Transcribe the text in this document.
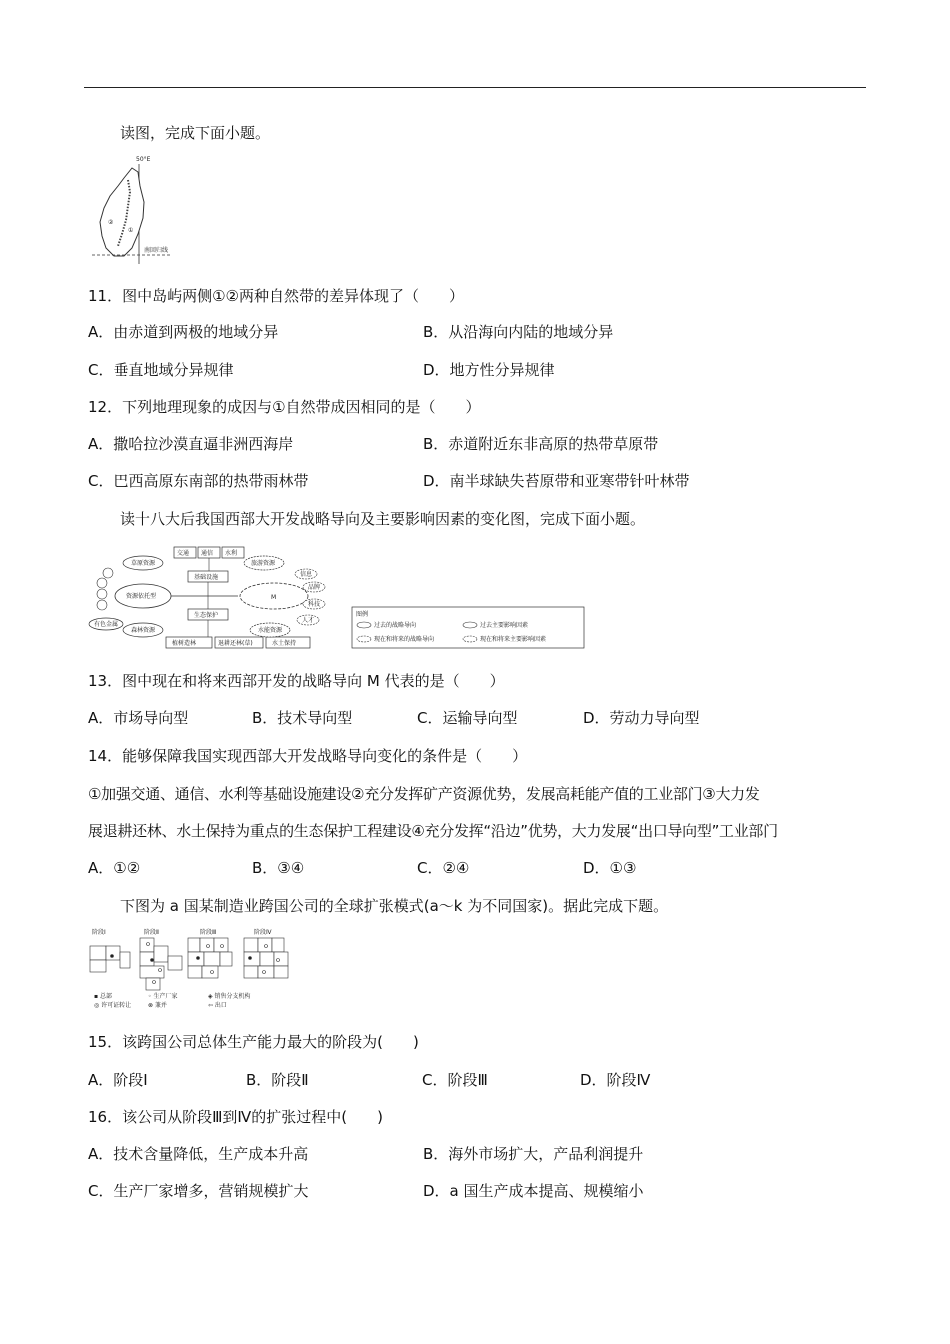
读图，完成下面小题。
50°E
②
①
南回归线
11．图中岛屿两侧①②两种自然带的差异体现了（　　）
A．由赤道到两极的地域分异	B．从沿海向内陆的地域分异
C．垂直地域分异规律	D．地方性分异规律
12．下列地理现象的成因与①自然带成因相同的是（　　）
A．撒哈拉沙漠直逼非洲西海岸	B．赤道附近东非高原的热带草原带
C．巴西高原东南部的热带雨林带	D．南半球缺失苔原带和亚寒带针叶林带
读十八大后我国西部大开发战略导向及主要影响因素的变化图，完成下面小题。
交通 通信 水利
基础设施
草原资源
资源依托型
森林资源
有色金属
生态保护
植树造林	退耕还林(草)	水土保持
旅游资源
M
水能资源
信息
品牌
科技
人才
图例
过去的战略导向	过去主要影响因素
现在和将来的战略导向	现在和将来主要影响因素
13．图中现在和将来西部开发的战略导向 M 代表的是（　　）
A．市场导向型	B．技术导向型	C．运输导向型	D．劳动力导向型
14．能够保障我国实现西部大开发战略导向变化的条件是（　　）
①加强交通、通信、水利等基础设施建设②充分发挥矿产资源优势，发展高耗能产值的工业部门③大力发
展退耕还林、水土保持为重点的生态保护工程建设④充分发挥“沿边”优势，大力发展“出口导向型”工业部门
A．①②	B．③④	C．②④	D．①③
下图为 a 国某制造业跨国公司的全球扩张模式(a～k 为不同国家)。据此完成下题。
阶段Ⅰ	阶段Ⅱ	阶段Ⅲ	阶段Ⅳ
▪ 总部	◦ 生产厂家	◈ 销售分支机构
◎ 许可证转让	⊗ 兼并	⇦ 出口
15．该跨国公司总体生产能力最大的阶段为(　　)
A．阶段Ⅰ	B．阶段Ⅱ	C．阶段Ⅲ	D．阶段Ⅳ
16．该公司从阶段Ⅲ到Ⅳ的扩张过程中(　　)
A．技术含量降低，生产成本升高	B．海外市场扩大，产品利润提升
C．生产厂家增多，营销规模扩大	D．a 国生产成本提高、规模缩小
